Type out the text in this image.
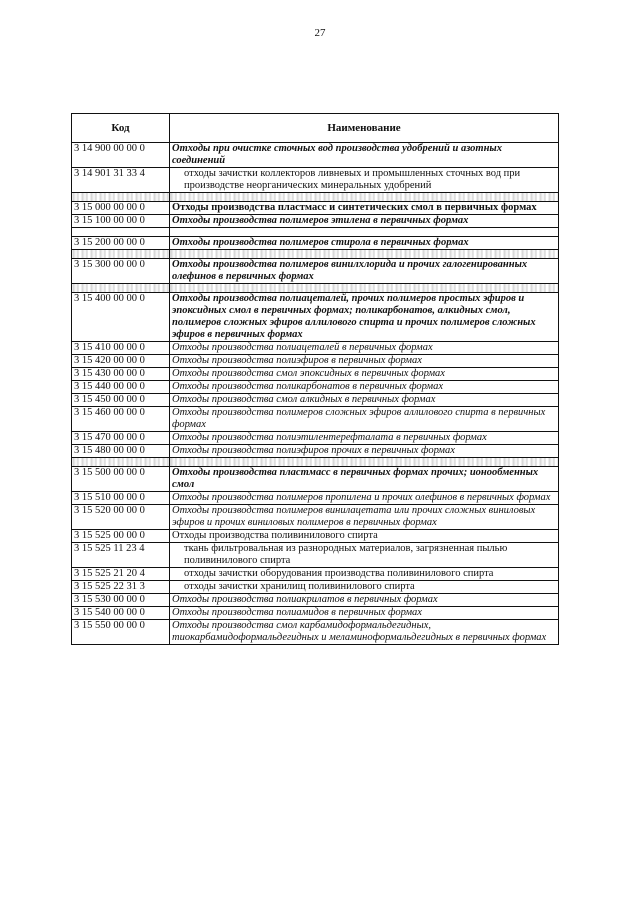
27
Код	Наименование
3 14 900 00 00 0	Отходы при очистке сточных вод производства удобрений и азотных соединений
3 14 901 31 33 4	отходы зачистки коллекторов ливневых и промышленных сточных вод при производстве неорганических минеральных удобрений

3 15 000 00 00 0	Отходы производства пластмасс и синтетических смол в первичных формах
3 15 100 00 00 0	Отходы производства полимеров этилена в первичных формах

3 15 200 00 00 0	Отходы производства полимеров стирола в первичных формах

3 15 300 00 00 0	Отходы производства полимеров винилхлорида и прочих галогенированных олефинов в первичных формах

3 15 400 00 00 0	Отходы производства полиацеталей, прочих полимеров простых эфиров и эпоксидных смол в первичных формах; поликарбонатов, алкидных смол, полимеров сложных эфиров аллилового спирта и прочих полимеров сложных эфиров в первичных формах
3 15 410 00 00 0	Отходы производства полиацеталей в первичных формах
3 15 420 00 00 0	Отходы производства полиэфиров в первичных формах
3 15 430 00 00 0	Отходы производства смол эпоксидных в первичных формах
3 15 440 00 00 0	Отходы производства поликарбонатов в первичных формах
3 15 450 00 00 0	Отходы производства смол алкидных в первичных формах
3 15 460 00 00 0	Отходы производства полимеров сложных эфиров аллилового спирта в первичных формах
3 15 470 00 00 0	Отходы производства полиэтилентерефталата в первичных формах
3 15 480 00 00 0	Отходы производства полиэфиров прочих в первичных формах

3 15 500 00 00 0	Отходы производства пластмасс в первичных формах прочих; ионообменных смол
3 15 510 00 00 0	Отходы производства полимеров пропилена и прочих олефинов в первичных формах
3 15 520 00 00 0	Отходы производства полимеров винилацетата или прочих сложных виниловых эфиров и прочих виниловых полимеров в первичных формах
3 15 525 00 00 0	Отходы производства поливинилового спирта
3 15 525 11 23 4	ткань фильтровальная из разнородных материалов, загрязненная пылью поливинилового спирта
3 15 525 21 20 4	отходы зачистки оборудования производства поливинилового спирта
3 15 525 22 31 3	отходы зачистки хранилищ поливинилового спирта
3 15 530 00 00 0	Отходы производства полиакрилатов в первичных формах
3 15 540 00 00 0	Отходы производства полиамидов в первичных формах
3 15 550 00 00 0	Отходы производства смол карбамидоформальдегидных, тиокарбамидоформальдегидных и меламиноформальдегидных в первичных формах
